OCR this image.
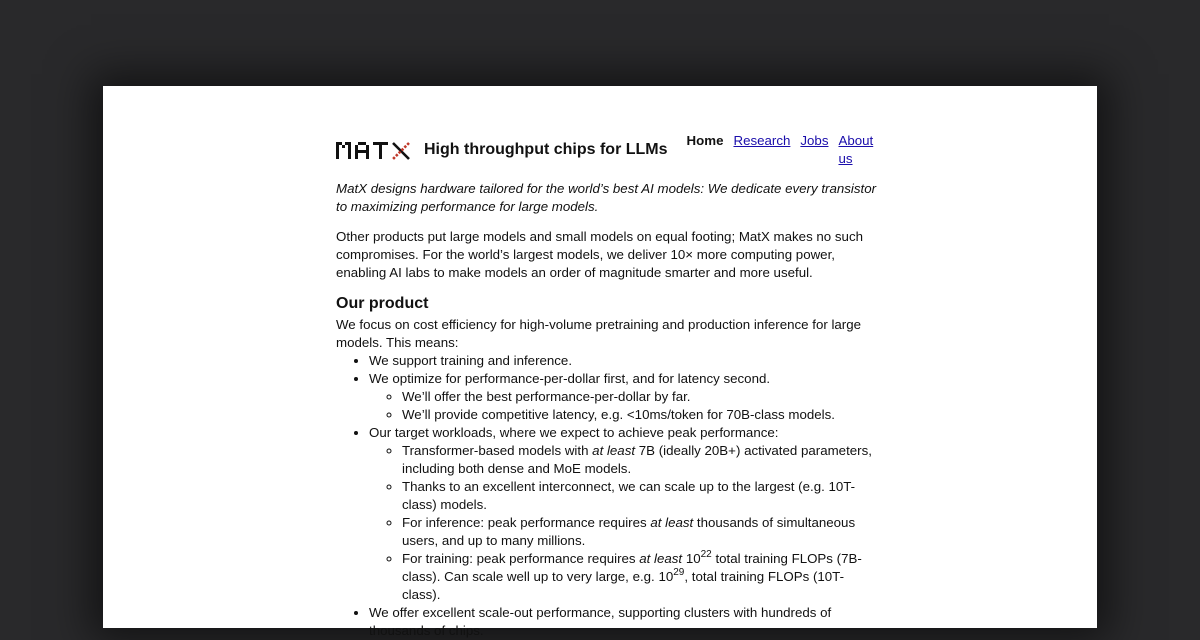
High throughput chips for LLMs
Home Research Jobs About us

MatX designs hardware tailored for the world’s best AI models: We dedicate every transistor to maximizing performance for large models.

Other products put large models and small models on equal footing; MatX makes no such compromises. For the world’s largest models, we deliver 10× more computing power, enabling AI labs to make models an order of magnitude smarter and more useful.

Our product

We focus on cost efficiency for high-volume pretraining and production inference for large models. This means:

• We support training and inference.
• We optimize for performance-per-dollar first, and for latency second.
◦ We’ll offer the best performance-per-dollar by far.
◦ We’ll provide competitive latency, e.g. <10ms/token for 70B-class models.
• Our target workloads, where we expect to achieve peak performance:
◦ Transformer-based models with at least 7B (ideally 20B+) activated parameters, including both dense and MoE models.
◦ Thanks to an excellent interconnect, we can scale up to the largest (e.g. 10T-class) models.
◦ For inference: peak performance requires at least thousands of simultaneous users, and up to many millions.
◦ For training: peak performance requires at least $10^{22}$ total training FLOPs (7B-class). Can scale well up to very large, e.g. $10^{29}$, total training FLOPs (10T-class).
• We offer excellent scale-out performance, supporting clusters with hundreds of thousands of chips.
